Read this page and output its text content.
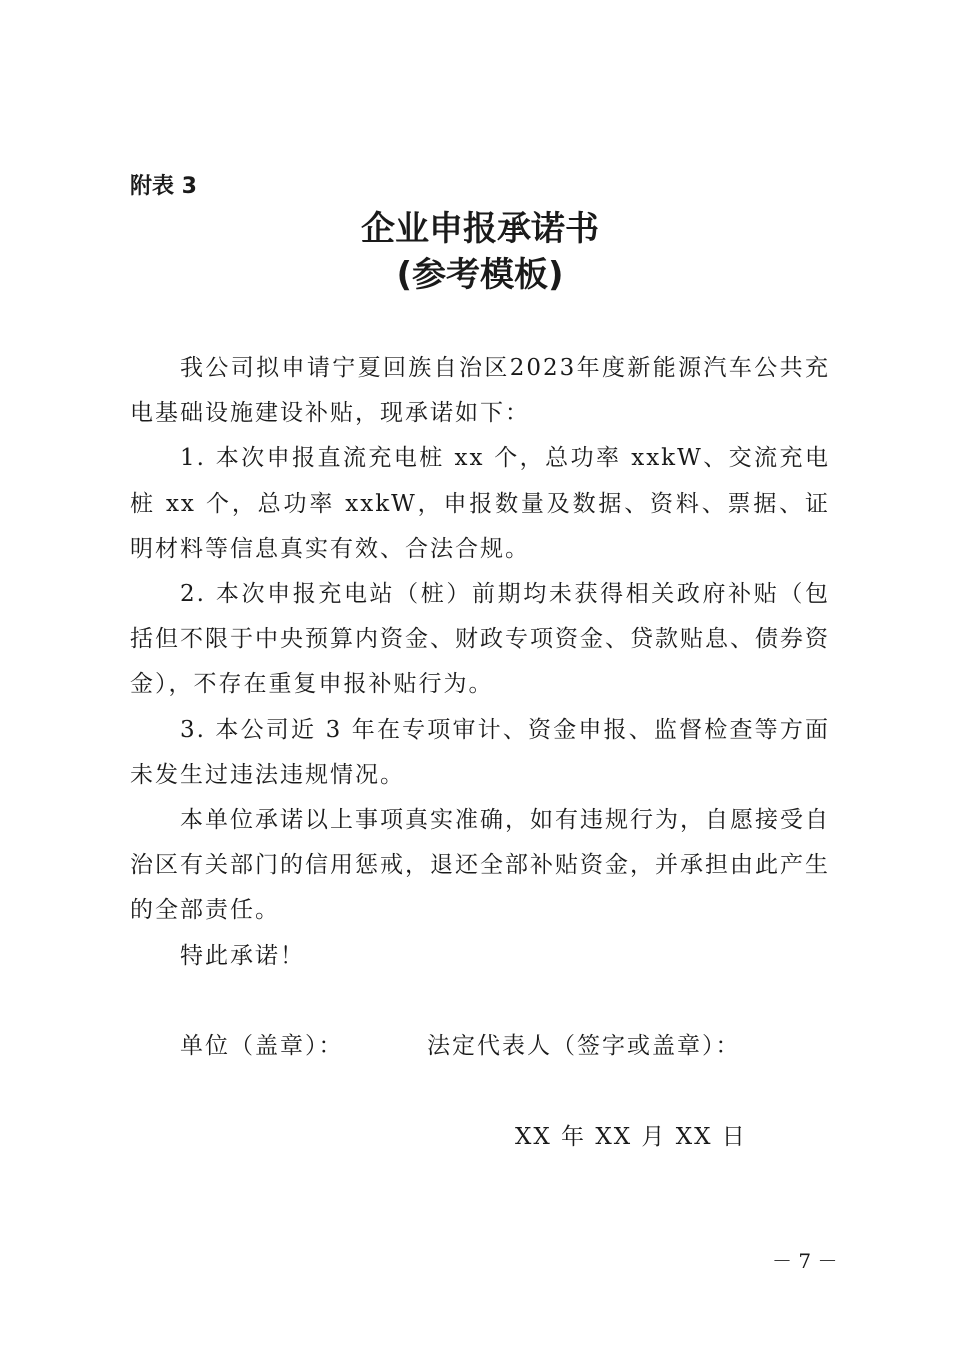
附表 3
企业申报承诺书
(参考模板)

我公司拟申请宁夏回族自治区2023年度新能源汽车公共充电基础设施建设补贴，现承诺如下：

1. 本次申报直流充电桩 xx 个，总功率 xxkW、交流充电桩 xx 个，总功率 xxkW，申报数量及数据、资料、票据、证明材料等信息真实有效、合法合规。

2. 本次申报充电站（桩）前期均未获得相关政府补贴（包括但不限于中央预算内资金、财政专项资金、贷款贴息、债券资金），不存在重复申报补贴行为。

3. 本公司近 3 年在专项审计、资金申报、监督检查等方面未发生过违法违规情况。

本单位承诺以上事项真实准确，如有违规行为，自愿接受自治区有关部门的信用惩戒，退还全部补贴资金，并承担由此产生的全部责任。

特此承诺！

单位（盖章）：	法定代表人（签字或盖章）：
XX 年 XX 月 XX 日
－ 7 －
